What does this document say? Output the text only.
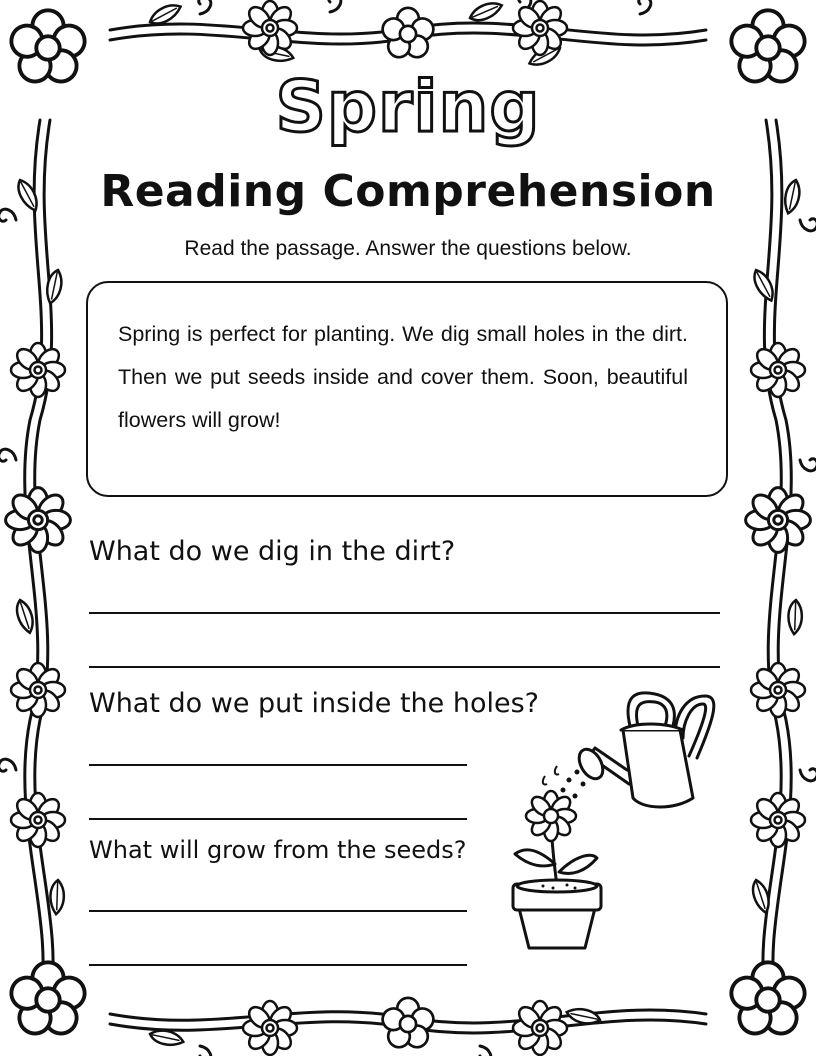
Spring
Reading Comprehension
Read the passage. Answer the questions below.
Spring is perfect for planting. We dig small holes in the dirt. Then we put seeds inside and cover them. Soon, beautiful flowers will grow!
What do we dig in the dirt?
What do we put inside the holes?
What will grow from the seeds?
